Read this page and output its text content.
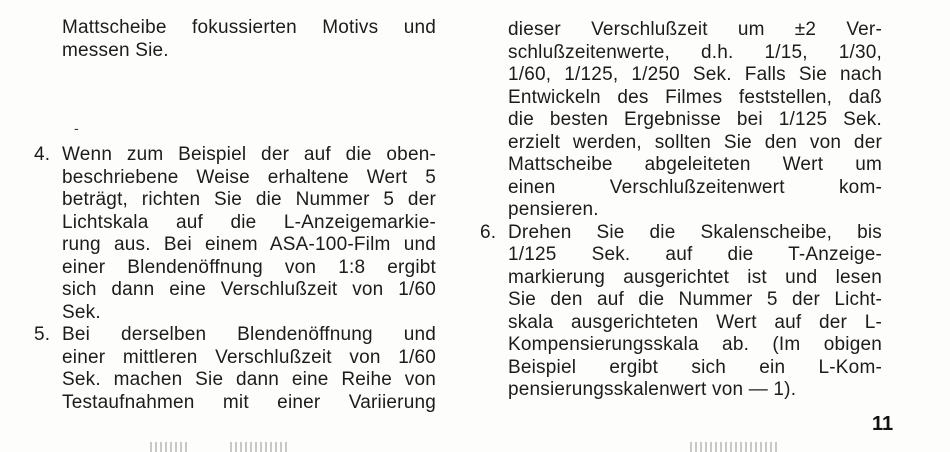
Mattscheibe fokussierten Motivs und
messen Sie.
4. Wenn zum Beispiel der auf die oben-
beschriebene Weise erhaltene Wert 5
beträgt, richten Sie die Nummer 5 der
Lichtskala auf die L-Anzeigemarkie-
rung aus. Bei einem ASA-100-Film und
einer Blendenöffnung von 1:8 ergibt
sich dann eine Verschlußzeit von 1/60
Sek.
5. Bei derselben Blendenöffnung und
einer mittleren Verschlußzeit von 1/60
Sek. machen Sie dann eine Reihe von
Testaufnahmen mit einer Variierung
-
dieser Verschlußzeit um ±2 Ver-
schlußzeitenwerte, d.h. 1/15, 1/30,
1/60, 1/125, 1/250 Sek. Falls Sie nach
Entwickeln des Filmes feststellen, daß
die besten Ergebnisse bei 1/125 Sek.
erzielt werden, sollten Sie den von der
Mattscheibe abgeleiteten Wert um
einen Verschlußzeitenwert kom-
pensieren.
6. Drehen Sie die Skalenscheibe, bis
1/125 Sek. auf die T-Anzeige-
markierung ausgerichtet ist und lesen
Sie den auf die Nummer 5 der Licht-
skala ausgerichteten Wert auf der L-
Kompensierungsskala ab. (Im obigen
Beispiel ergibt sich ein L-Kom-
pensierungsskalenwert von — 1).
11
